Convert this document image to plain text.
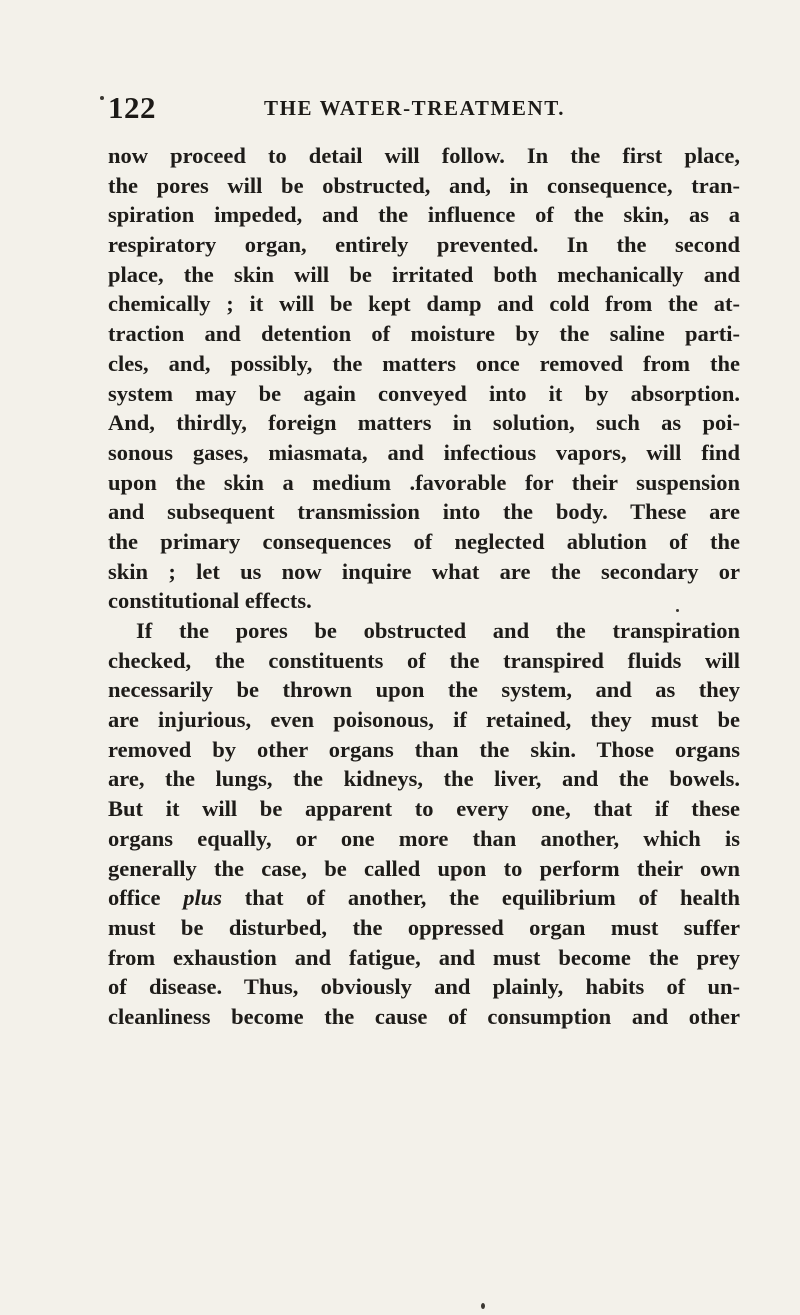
122	THE WATER-TREATMENT.
now proceed to detail will follow. In the first place,
the pores will be obstructed, and, in consequence, tran-
spiration impeded, and the influence of the skin, as a
respiratory organ, entirely prevented. In the second
place, the skin will be irritated both mechanically and
chemically ; it will be kept damp and cold from the at-
traction and detention of moisture by the saline parti-
cles, and, possibly, the matters once removed from the
system may be again conveyed into it by absorption.
And, thirdly, foreign matters in solution, such as poi-
sonous gases, miasmata, and infectious vapors, will find
upon the skin a medium .favorable for their suspension
and subsequent transmission into the body. These are
the primary consequences of neglected ablution of the
skin ; let us now inquire what are the secondary or
constitutional effects.
If the pores be obstructed and the transpiration
checked, the constituents of the transpired fluids will
necessarily be thrown upon the system, and as they
are injurious, even poisonous, if retained, they must be
removed by other organs than the skin. Those organs
are, the lungs, the kidneys, the liver, and the bowels.
But it will be apparent to every one, that if these
organs equally, or one more than another, which is
generally the case, be called upon to perform their own
office plus that of another, the equilibrium of health
must be disturbed, the oppressed organ must suffer
from exhaustion and fatigue, and must become the prey
of disease. Thus, obviously and plainly, habits of un-
cleanliness become the cause of consumption and other
